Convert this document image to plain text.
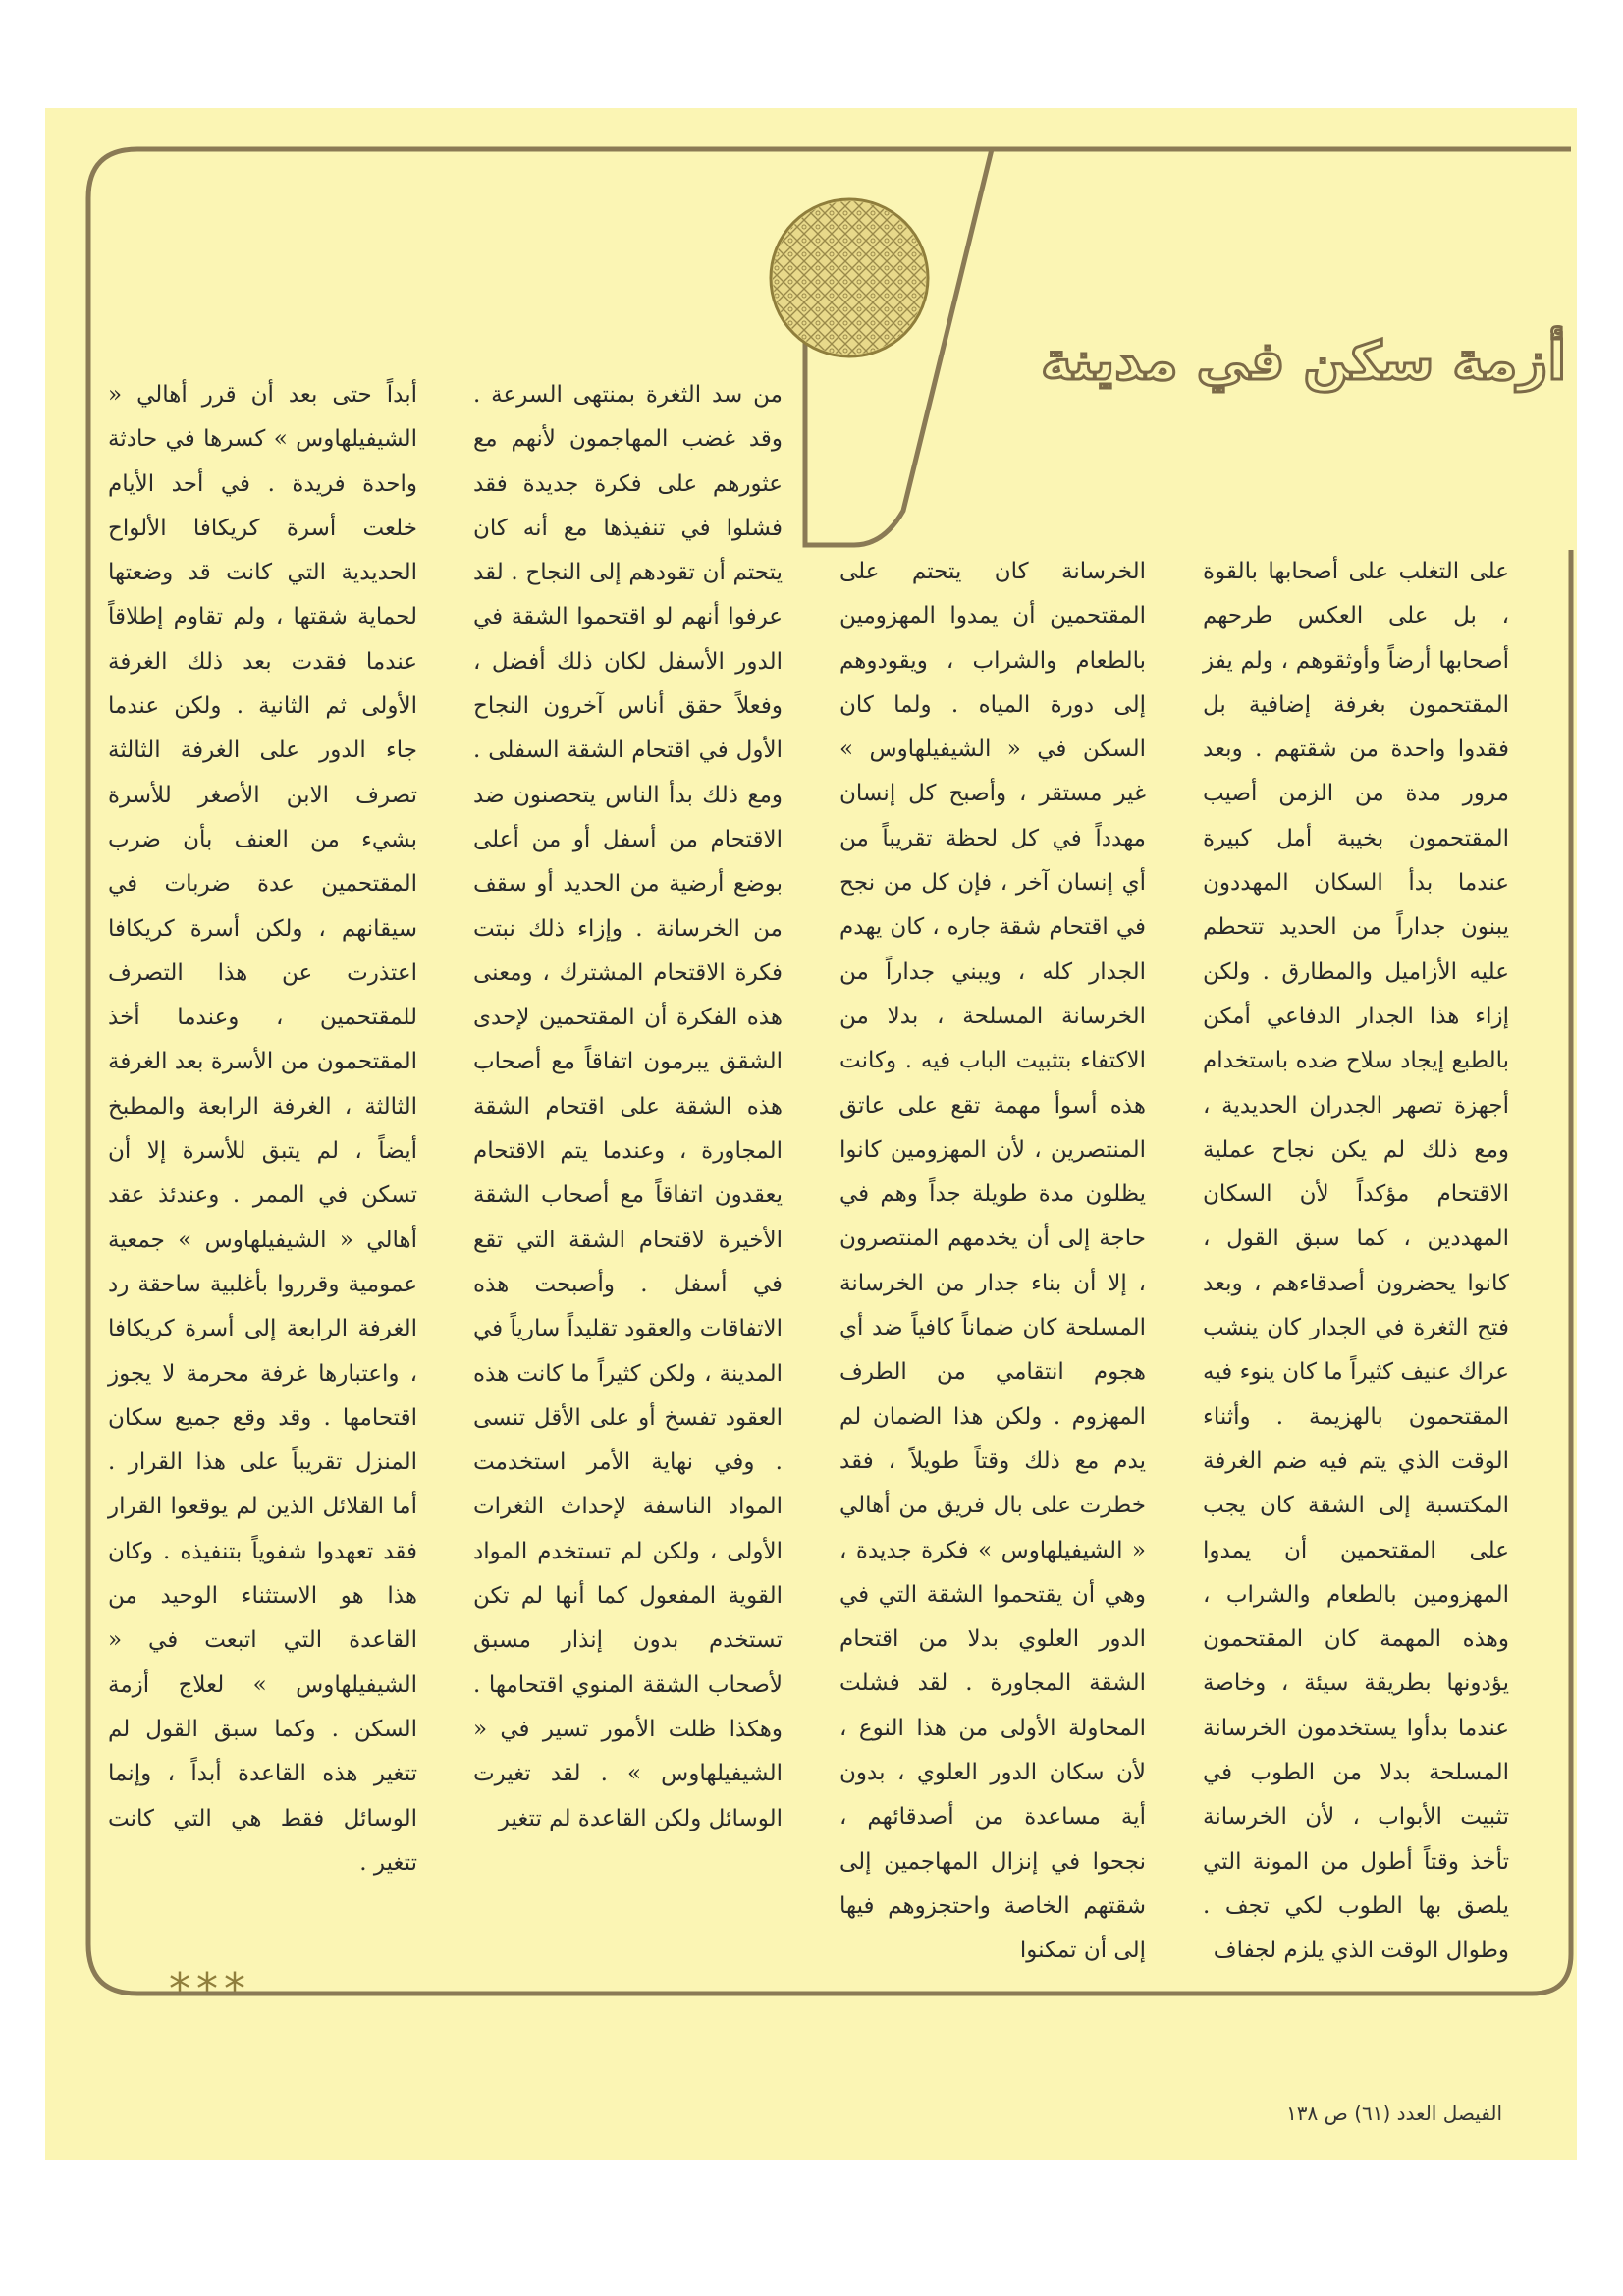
أزمة سكن في مدينة

على التغلب على أصحابها بالقوة ، بل على العكس طرحهم أصحابها أرضاً وأوثقوهم ، ولم يفز المقتحمون بغرفة إضافية بل فقدوا واحدة من شقتهم . وبعد مرور مدة من الزمن أصيب المقتحمون بخيبة أمل كبيرة عندما بدأ السكان المهددون يبنون جداراً من الحديد تتحطم عليه الأزاميل والمطارق . ولكن إزاء هذا الجدار الدفاعي أمكن بالطبع إيجاد سلاح ضده باستخدام أجهزة تصهر الجدران الحديدية ، ومع ذلك لم يكن نجاح عملية الاقتحام مؤكداً لأن السكان المهددين ، كما سبق القول ، كانوا يحضرون أصدقاءهم ، وبعد فتح الثغرة في الجدار كان ينشب عراك عنيف كثيراً ما كان ينوء فيه المقتحمون بالهزيمة . وأثناء الوقت الذي يتم فيه ضم الغرفة المكتسبة إلى الشقة كان يجب على المقتحمين أن يمدوا المهزومين بالطعام والشراب ، وهذه المهمة كان المقتحمون يؤدونها بطريقة سيئة ، وخاصة عندما بدأوا يستخدمون الخرسانة المسلحة بدلا من الطوب في تثبيت الأبواب ، لأن الخرسانة تأخذ وقتاً أطول من المونة التي يلصق بها الطوب لكي تجف . وطوال الوقت الذي يلزم لجفاف

الخرسانة كان يتحتم على المقتحمين أن يمدوا المهزومين بالطعام والشراب ، ويقودوهم إلى دورة المياه . ولما كان السكن في « الشيفيلهاوس » غير مستقر ، وأصبح كل إنسان مهدداً في كل لحظة تقريباً من أي إنسان آخر ، فإن كل من نجح في اقتحام شقة جاره ، كان يهدم الجدار كله ، ويبني جداراً من الخرسانة المسلحة ، بدلا من الاكتفاء بتثبيت الباب فيه . وكانت هذه أسوأ مهمة تقع على عاتق المنتصرين ، لأن المهزومين كانوا يظلون مدة طويلة جداً وهم في حاجة إلى أن يخدمهم المنتصرون ، إلا أن بناء جدار من الخرسانة المسلحة كان ضماناً كافياً ضد أي هجوم انتقامي من الطرف المهزوم . ولكن هذا الضمان لم يدم مع ذلك وقتاً طويلاً ، فقد خطرت على بال فريق من أهالي « الشيفيلهاوس » فكرة جديدة ، وهي أن يقتحموا الشقة التي في الدور العلوي بدلا من اقتحام الشقة المجاورة . لقد فشلت المحاولة الأولى من هذا النوع ، لأن سكان الدور العلوي ، بدون أية مساعدة من أصدقائهم ، نجحوا في إنزال المهاجمين إلى شقتهم الخاصة واحتجزوهم فيها إلى أن تمكنوا

من سد الثغرة بمنتهى السرعة . وقد غضب المهاجمون لأنهم مع عثورهم على فكرة جديدة فقد فشلوا في تنفيذها مع أنه كان يتحتم أن تقودهم إلى النجاح . لقد عرفوا أنهم لو اقتحموا الشقة في الدور الأسفل لكان ذلك أفضل ، وفعلاً حقق أناس آخرون النجاح الأول في اقتحام الشقة السفلى . ومع ذلك بدأ الناس يتحصنون ضد الاقتحام من أسفل أو من أعلى بوضع أرضية من الحديد أو سقف من الخرسانة . وإزاء ذلك نبتت فكرة الاقتحام المشترك ، ومعنى هذه الفكرة أن المقتحمين لإحدى الشقق يبرمون اتفاقاً مع أصحاب هذه الشقة على اقتحام الشقة المجاورة ، وعندما يتم الاقتحام يعقدون اتفاقاً مع أصحاب الشقة الأخيرة لاقتحام الشقة التي تقع في أسفل . وأصبحت هذه الاتفاقات والعقود تقليداً سارياً في المدينة ، ولكن كثيراً ما كانت هذه العقود تفسخ أو على الأقل تنسى . وفي نهاية الأمر استخدمت المواد الناسفة لإحداث الثغرات الأولى ، ولكن لم تستخدم المواد القوية المفعول كما أنها لم تكن تستخدم بدون إنذار مسبق لأصحاب الشقة المنوي اقتحامها . وهكذا ظلت الأمور تسير في « الشيفيلهاوس » . لقد تغيرت الوسائل ولكن القاعدة لم تتغير

أبداً حتى بعد أن قرر أهالي « الشيفيلهاوس » كسرها في حادثة واحدة فريدة . في أحد الأيام خلعت أسرة كريكافا الألواح الحديدية التي كانت قد وضعتها لحماية شقتها ، ولم تقاوم إطلاقاً عندما فقدت بعد ذلك الغرفة الأولى ثم الثانية . ولكن عندما جاء الدور على الغرفة الثالثة تصرف الابن الأصغر للأسرة بشيء من العنف بأن ضرب المقتحمين عدة ضربات في سيقانهم ، ولكن أسرة كريكافا اعتذرت عن هذا التصرف للمقتحمين ، وعندما أخذ المقتحمون من الأسرة بعد الغرفة الثالثة ، الغرفة الرابعة والمطبخ أيضاً ، لم يتبق للأسرة إلا أن تسكن في الممر . وعندئذ عقد أهالي « الشيفيلهاوس » جمعية عمومية وقرروا بأغلبية ساحقة رد الغرفة الرابعة إلى أسرة كريكافا ، واعتبارها غرفة محرمة لا يجوز اقتحامها . وقد وقع جميع سكان المنزل تقريباً على هذا القرار . أما القلائل الذين لم يوقعوا القرار فقد تعهدوا شفوياً بتنفيذه . وكان هذا هو الاستثناء الوحيد من القاعدة التي اتبعت في « الشيفيلهاوس » لعلاج أزمة السكن . وكما سبق القول لم تتغير هذه القاعدة أبداً ، وإنما الوسائل فقط هي التي كانت تتغير .

***
الفيصل العدد (٦١) ص ١٣٨
